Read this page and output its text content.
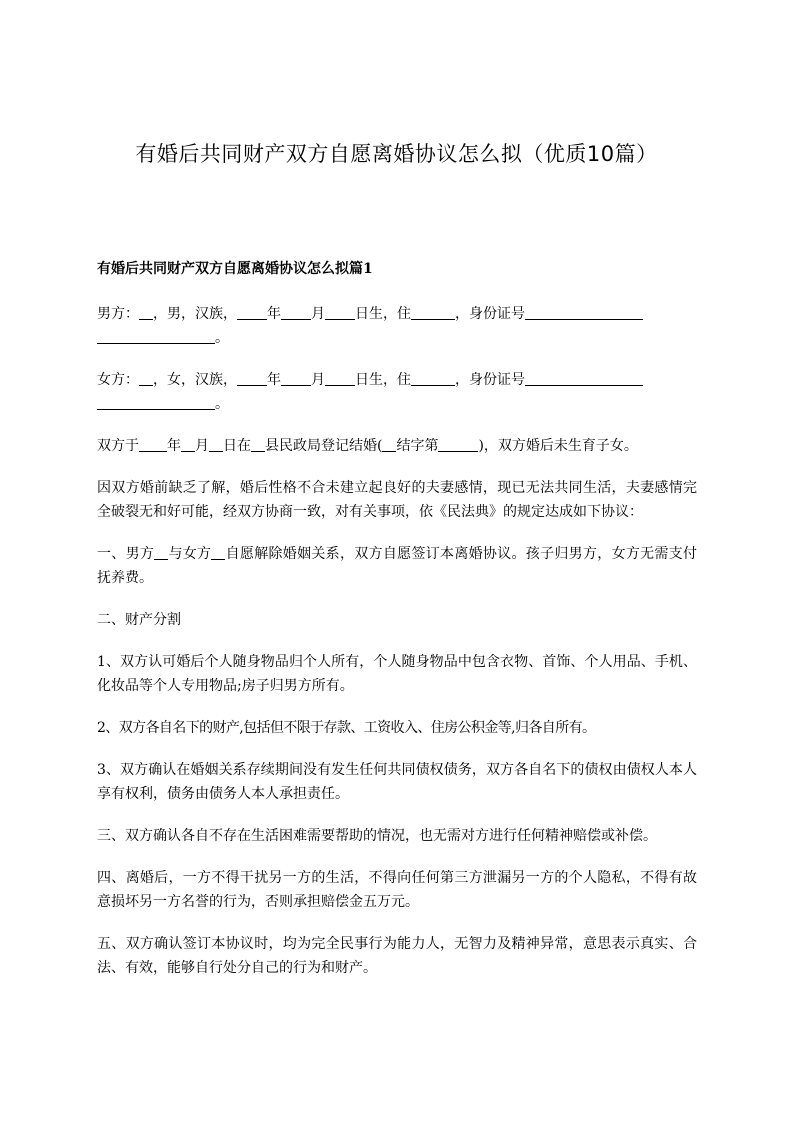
有婚后共同财产双方自愿离婚协议怎么拟（优质10篇）
有婚后共同财产双方自愿离婚协议怎么拟篇1

男方： ，男，汉族， 年 月 日生，住	，身份证号
。

女方： ，女，汉族， 年 月 日生，住	，身份证号
。

双方于 年 月 日在 县民政局登记结婚( 结字第	)，双方婚后未生育子女。

因双方婚前缺乏了解，婚后性格不合未建立起良好的夫妻感情，现已无法共同生活，夫妻感情完全破裂无和好可能，经双方协商一致，对有关事项，依《民法典》的规定达成如下协议：

一、男方 与女方 自愿解除婚姻关系，双方自愿签订本离婚协议。孩子归男方，女方无需支付抚养费。

二、财产分割

1、双方认可婚后个人随身物品归个人所有，个人随身物品中包含衣物、首饰、个人用品、手机、化妆品等个人专用物品;房子归男方所有。

2、双方各自名下的财产,包括但不限于存款、工资收入、住房公积金等,归各自所有。

3、双方确认在婚姻关系存续期间没有发生任何共同债权债务，双方各自名下的债权由债权人本人享有权利，债务由债务人本人承担责任。

三、双方确认各自不存在生活困难需要帮助的情况，也无需对方进行任何精神赔偿或补偿。

四、离婚后，一方不得干扰另一方的生活，不得向任何第三方泄漏另一方的个人隐私，不得有故意损坏另一方名誉的行为，否则承担赔偿金五万元。

五、双方确认签订本协议时，均为完全民事行为能力人，无智力及精神异常，意思表示真实、合法、有效，能够自行处分自己的行为和财产。
